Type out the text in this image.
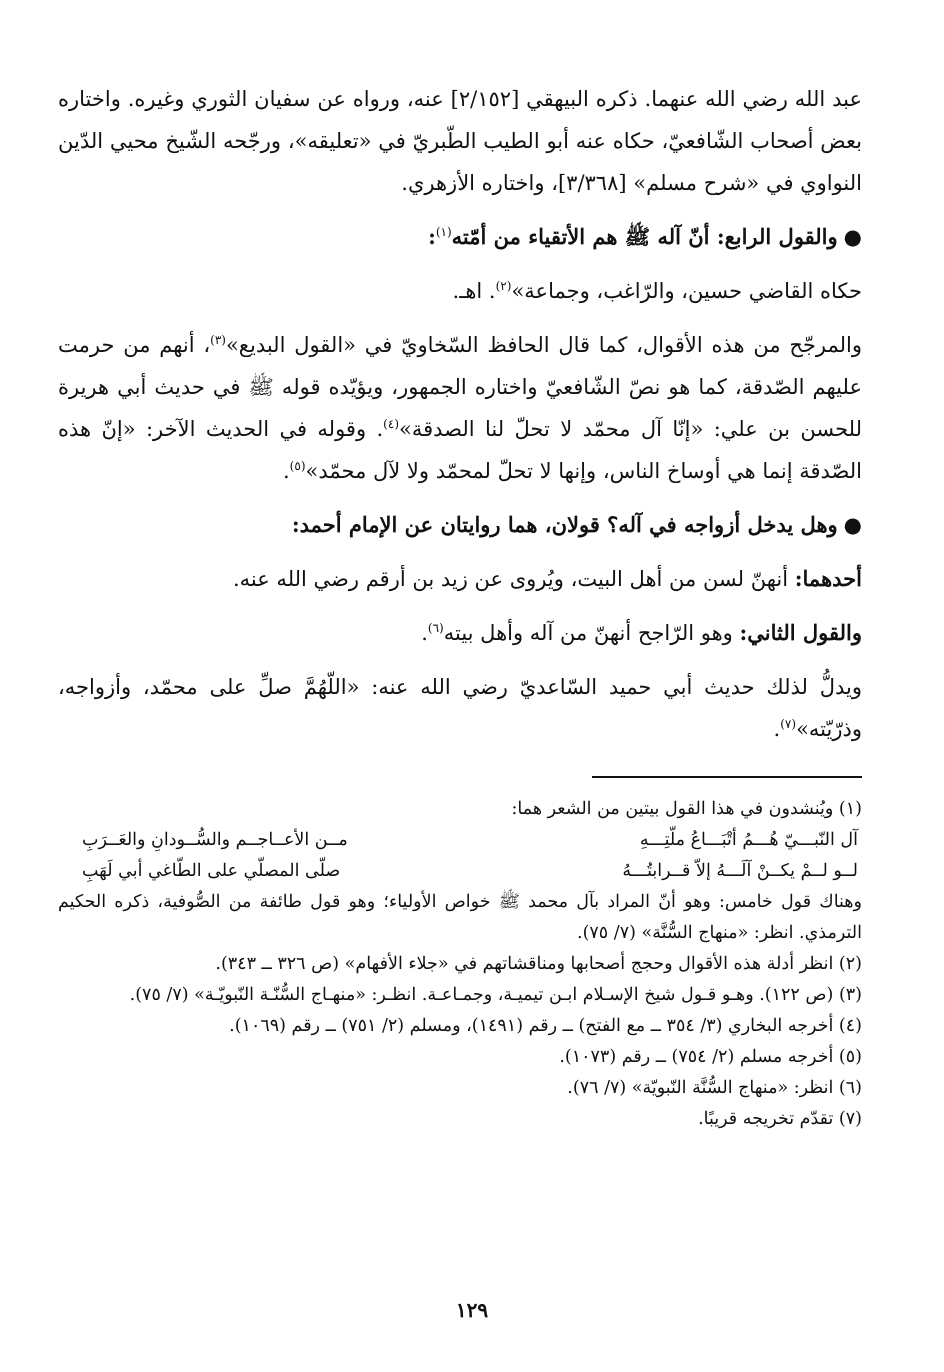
عبد الله رضي الله عنهما. ذكره البيهقي [٢/١٥٢] عنه، ورواه عن سفيان الثوري وغيره. واختاره بعض أصحاب الشّافعيّ، حكاه عنه أبو الطيب الطّبريّ في «تعليقه»، ورجّحه الشّيخ محيي الدّين النواوي في «شرح مسلم» [٣/٣٦٨]، واختاره الأزهري.

●والقول الرابع: أنّ آله ﷺ هم الأتقياء من أمّته$^{(١)}$:

حكاه القاضي حسين، والرّاغب، وجماعة»$^{(٢)}$. اهـ.

والمرجّح من هذه الأقوال، كما قال الحافظ السّخاويّ في «القول البديع»$^{(٣)}$، أنهم من حرمت عليهم الصّدقة، كما هو نصّ الشّافعيّ واختاره الجمهور، ويؤيّده قوله ﷺ في حديث أبي هريرة للحسن بن علي: «إنّا آل محمّد لا تحلّ لنا الصدقة»$^{(٤)}$. وقوله في الحديث الآخر: «إنّ هذه الصّدقة إنما هي أوساخ الناس، وإنها لا تحلّ لمحمّد ولا لآل محمّد»$^{(٥)}$.

●وهل يدخل أزواجه في آله؟ قولان، هما روايتان عن الإمام أحمد:

أحدهما: أنهنّ لسن من أهل البيت، ويُروى عن زيد بن أرقم رضي الله عنه.

والقول الثاني: وهو الرّاجح أنهنّ من آله وأهل بيته$^{(٦)}$.

ويدلُّ لذلك حديث أبي حميد السّاعديّ رضي الله عنه: «اللّهُمَّ صلِّ على محمّد، وأزواجه، وذرّيّته»$^{(٧)}$.

(١) ويُنشدون في هذا القول بيتين من الشعر هما:

آل النّبـــيّ هُـــمُ أتْبَـــاعُ ملّتِـــهِ
مــن الأعــاجــم والسُّــودانِ والعَــرَبِ
لــو لــمْ يكــنْ آلَـــهُ إلاّ قــرابتُـــهُ
صلّى المصلّي على الطّاغي أبي لَهَبِ

وهناك قول خامس: وهو أنّ المراد بآل محمد ﷺ خواص الأولياء؛ وهو قول طائفة من الصُّوفية، ذكره الحكيم الترمذي. انظر: «منهاج السُّنَّة» (٧/ ٧٥).

(٢) انظر أدلة هذه الأقوال وحجج أصحابها ومناقشاتهم في «جلاء الأفهام» (ص ٣٢٦ ــ ٣٤٣).

(٣) (ص ١٢٢). وهـو قـول شيخ الإسـلام ابـن تيميـة، وجمـاعـة. انظـر: «منهـاج السُّنّـة النّبويّـة» (٧/ ٧٥).

(٤) أخرجه البخاري (٣/ ٣٥٤ ــ مع الفتح) ــ رقم (١٤٩١)، ومسلم (٢/ ٧٥١) ــ رقم (١٠٦٩).

(٥) أخرجه مسلم (٢/ ٧٥٤) ــ رقم (١٠٧٣).

(٦) انظر: «منهاج السُّنَّة النّبويّة» (٧/ ٧٦).

(٧) تقدّم تخريجه قريبًا.

١٢٩
